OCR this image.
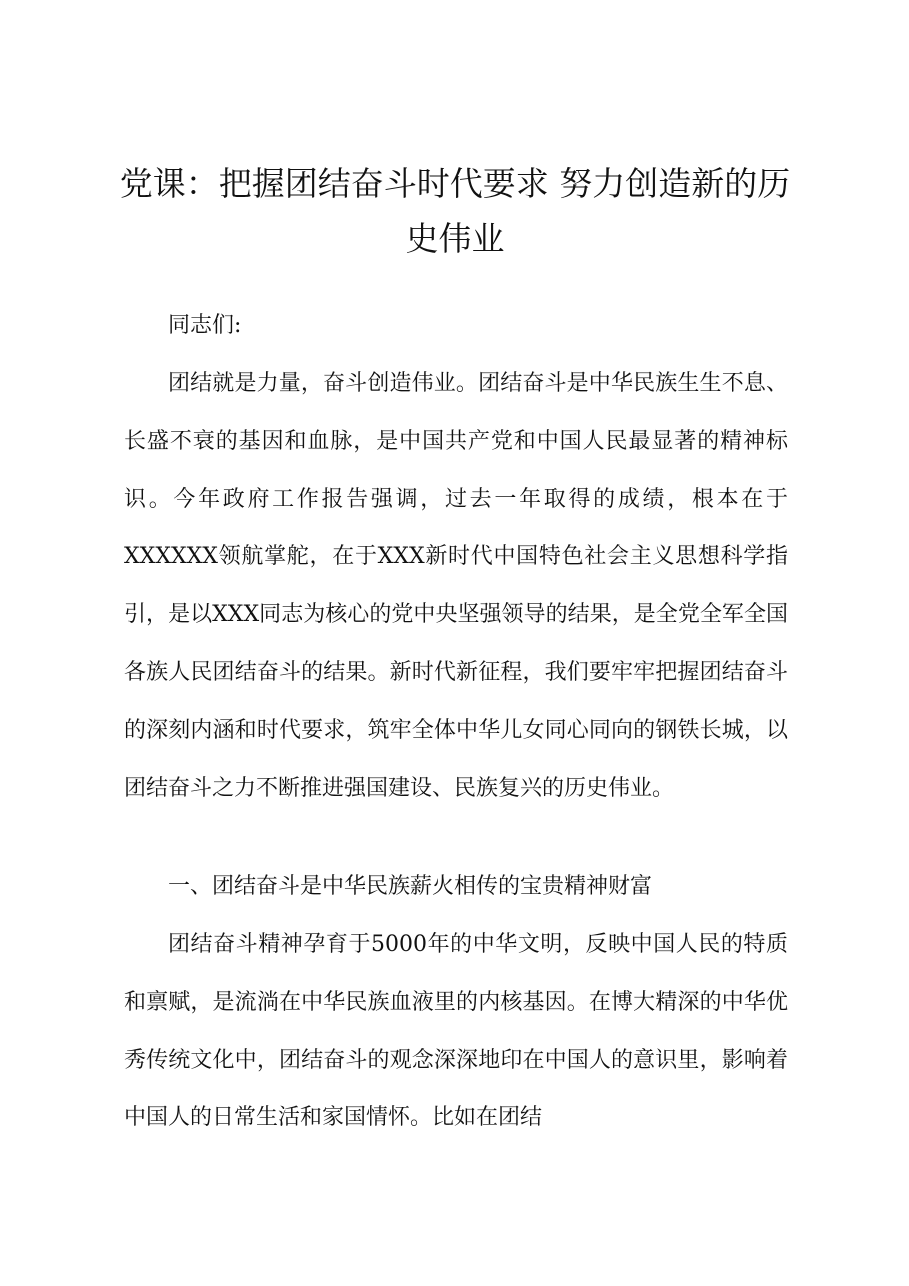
党课：把握团结奋斗时代要求 努力创造新的历史伟业
同志们:

团结就是力量，奋斗创造伟业。团结奋斗是中华民族生生不息、长盛不衰的基因和血脉，是中国共产党和中国人民最显著的精神标识。今年政府工作报告强调，过去一年取得的成绩，根本在于XXXXXX领航掌舵，在于XXX新时代中国特色社会主义思想科学指引，是以XXX同志为核心的党中央坚强领导的结果，是全党全军全国各族人民团结奋斗的结果。新时代新征程，我们要牢牢把握团结奋斗的深刻内涵和时代要求，筑牢全体中华儿女同心同向的钢铁长城，以团结奋斗之力不断推进强国建设、民族复兴的历史伟业。

一、团结奋斗是中华民族薪火相传的宝贵精神财富

团结奋斗精神孕育于5000年的中华文明，反映中国人民的特质和禀赋，是流淌在中华民族血液里的内核基因。在博大精深的中华优秀传统文化中，团结奋斗的观念深深地印在中国人的意识里，影响着中国人的日常生活和家国情怀。比如在团结
